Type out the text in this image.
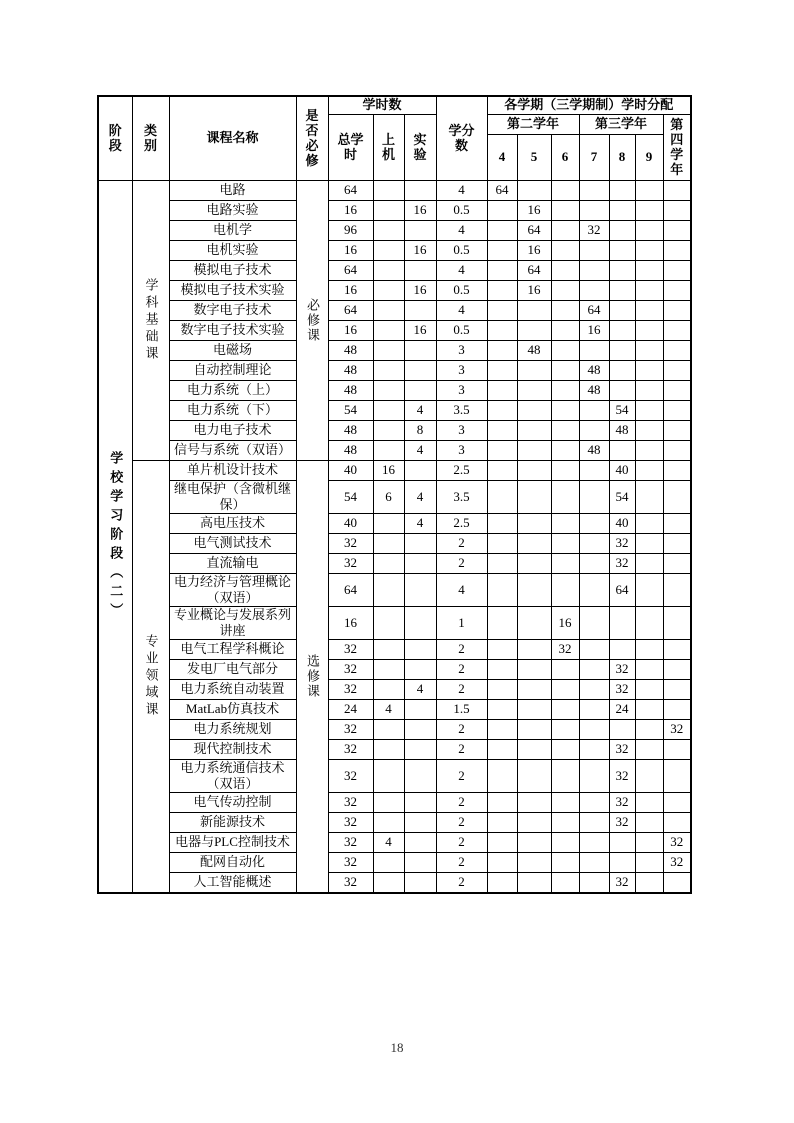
阶段	类别	课程名称	是否必修	学时数			学分数	各学期（三学期制）学时分配						
				总学时	上机	实验		第二学年			第三学年			第四学年
								4	5	6	7	8	9	
学校学习阶段（二）	学科基础课	电路	必修课	64			4	64						
		电路实验		16		16	0.5		16					
		电机学		96			4		64		32			
		电机实验		16		16	0.5		16					
		模拟电子技术		64			4		64					
		模拟电子技术实验		16		16	0.5		16					
		数字电子技术		64			4				64			
		数字电子技术实验		16		16	0.5				16			
		电磁场		48			3		48					
		自动控制理论		48			3				48			
		电力系统（上）		48			3				48			
		电力系统（下）		54		4	3.5					54		
		电力电子技术		48		8	3					48		
		信号与系统（双语）		48		4	3				48			
	专业领域课	单片机设计技术	选修课	40	16		2.5					40		
		继电保护（含微机继保）		54	6	4	3.5					54		
		高电压技术		40		4	2.5					40		
		电气测试技术		32			2					32		
		直流输电		32			2					32		
		电力经济与管理概论（双语）		64			4					64		
		专业概论与发展系列讲座		16			1			16				
		电气工程学科概论		32			2			32				
		发电厂电气部分		32			2					32		
		电力系统自动装置		32		4	2					32		
		MatLab仿真技术		24	4		1.5					24		
		电力系统规划		32			2							32
		现代控制技术		32			2					32		
		电力系统通信技术（双语）		32			2					32		
		电气传动控制		32			2					32		
		新能源技术		32			2					32		
		电器与PLC控制技术		32	4		2							32
		配网自动化		32			2							32
		人工智能概述		32			2					32		
18
